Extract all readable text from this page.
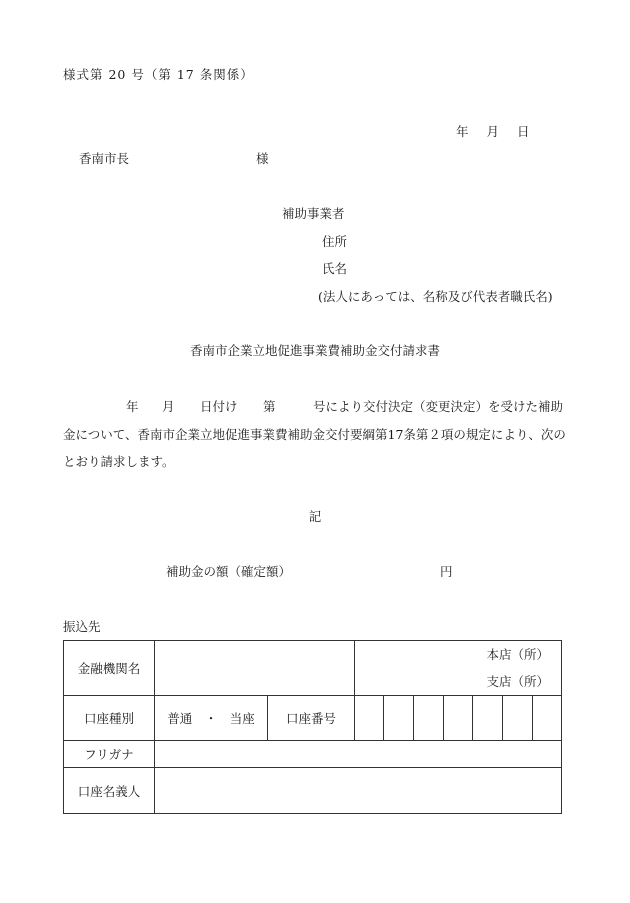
様式第 20 号（第 17 条関係）
年 月 日
香南市長	様
補助事業者
住所
氏名
(法人にあっては、名称及び代表者職氏名)
香南市企業立地促進事業費補助金交付請求書
年 月 日付け 第	号により交付決定（変更決定）を受けた補助
金について、香南市企業立地促進事業費補助金交付要綱第17条第２項の規定により、次の
とおり請求します。
記
補助金の額（確定額）	円
振込先
金融機関名			本店（所）
支店（所）						

口座種別	普通　・　当座	口座番号							
フリガナ									
口座名義人									
